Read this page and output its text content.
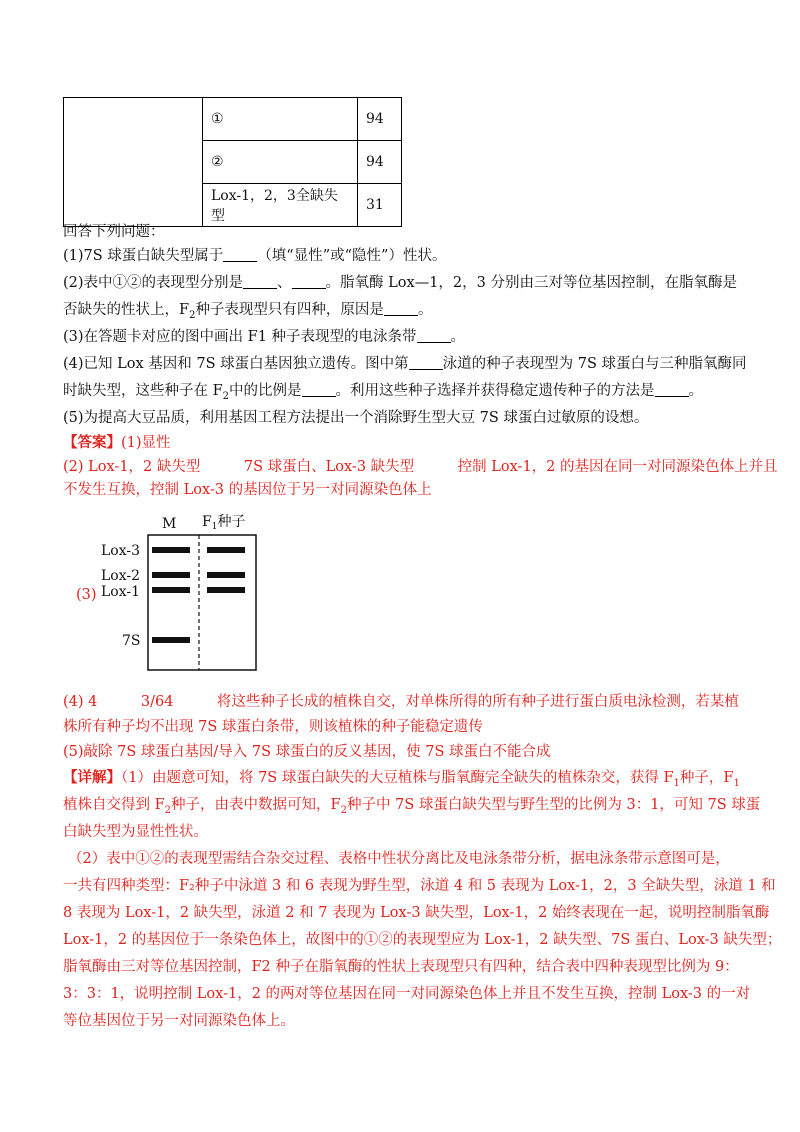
	①	94
	②	94
	Lox-1，2，3全缺失型	31
回答下列问题：
(1)7S 球蛋白缺失型属于 （填“显性”或“隐性”）性状。
(2)表中①②的表现型分别是 、 。脂氧酶 Lox—1，2，3 分别由三对等位基因控制，在脂氧酶是
否缺失的性状上，$F_2$种子表现型只有四种，原因是 。
(3)在答题卡对应的图中画出 F1 种子表现型的电泳条带 。
(4)已知 Lox 基因和 7S 球蛋白基因独立遗传。图中第 泳道的种子表现型为 7S 球蛋白与三种脂氧酶同
时缺失型，这些种子在 $F_2$中的比例是 。利用这些种子选择并获得稳定遗传种子的方法是 。
(5)为提高大豆品质，利用基因工程方法提出一个消除野生型大豆 7S 球蛋白过敏原的设想。
【答案】(1)显性
(2) Lox-1，2 缺失型　　　7S 球蛋白、Lox-3 缺失型　　　控制 Lox-1，2 的基因在同一对同源染色体上并且
不发生互换，控制 Lox-3 的基因位于另一对同源染色体上
(3)
M $F_1$种子
Lox-3
Lox-2
Lox-1
7S
(4) 4　　　3/64　　　将这些种子长成的植株自交，对单株所得的所有种子进行蛋白质电泳检测，若某植
株所有种子均不出现 7S 球蛋白条带，则该植株的种子能稳定遗传
(5)敲除 7S 球蛋白基因/导入 7S 球蛋白的反义基因，使 7S 球蛋白不能合成
【详解】（1）由题意可知，将 7S 球蛋白缺失的大豆植株与脂氧酶完全缺失的植株杂交，获得 $F_1$种子，$F_1$
植株自交得到 $F_2$种子，由表中数据可知，$F_2$种子中 7S 球蛋白缺失型与野生型的比例为 3：1，可知 7S 球蛋
白缺失型为显性性状。
（2）表中①②的表现型需结合杂交过程、表格中性状分离比及电泳条带分析，据电泳条带示意图可是，
一共有四种类型：F₂种子中泳道 3 和 6 表现为野生型，泳道 4 和 5 表现为 Lox-1，2，3 全缺失型，泳道 1 和
8 表现为 Lox-1，2 缺失型，泳道 2 和 7 表现为 Lox-3 缺失型，Lox-1，2 始终表现在一起，说明控制脂氧酶
Lox-1，2 的基因位于一条染色体上，故图中的①②的表现型应为 Lox-1，2 缺失型、7S 蛋白、Lox-3 缺失型；
脂氧酶由三对等位基因控制，F2 种子在脂氧酶的性状上表现型只有四种，结合表中四种表现型比例为 9：
3：3：1，说明控制 Lox-1，2 的两对等位基因在同一对同源染色体上并且不发生互换，控制 Lox-3 的一对
等位基因位于另一对同源染色体上。
